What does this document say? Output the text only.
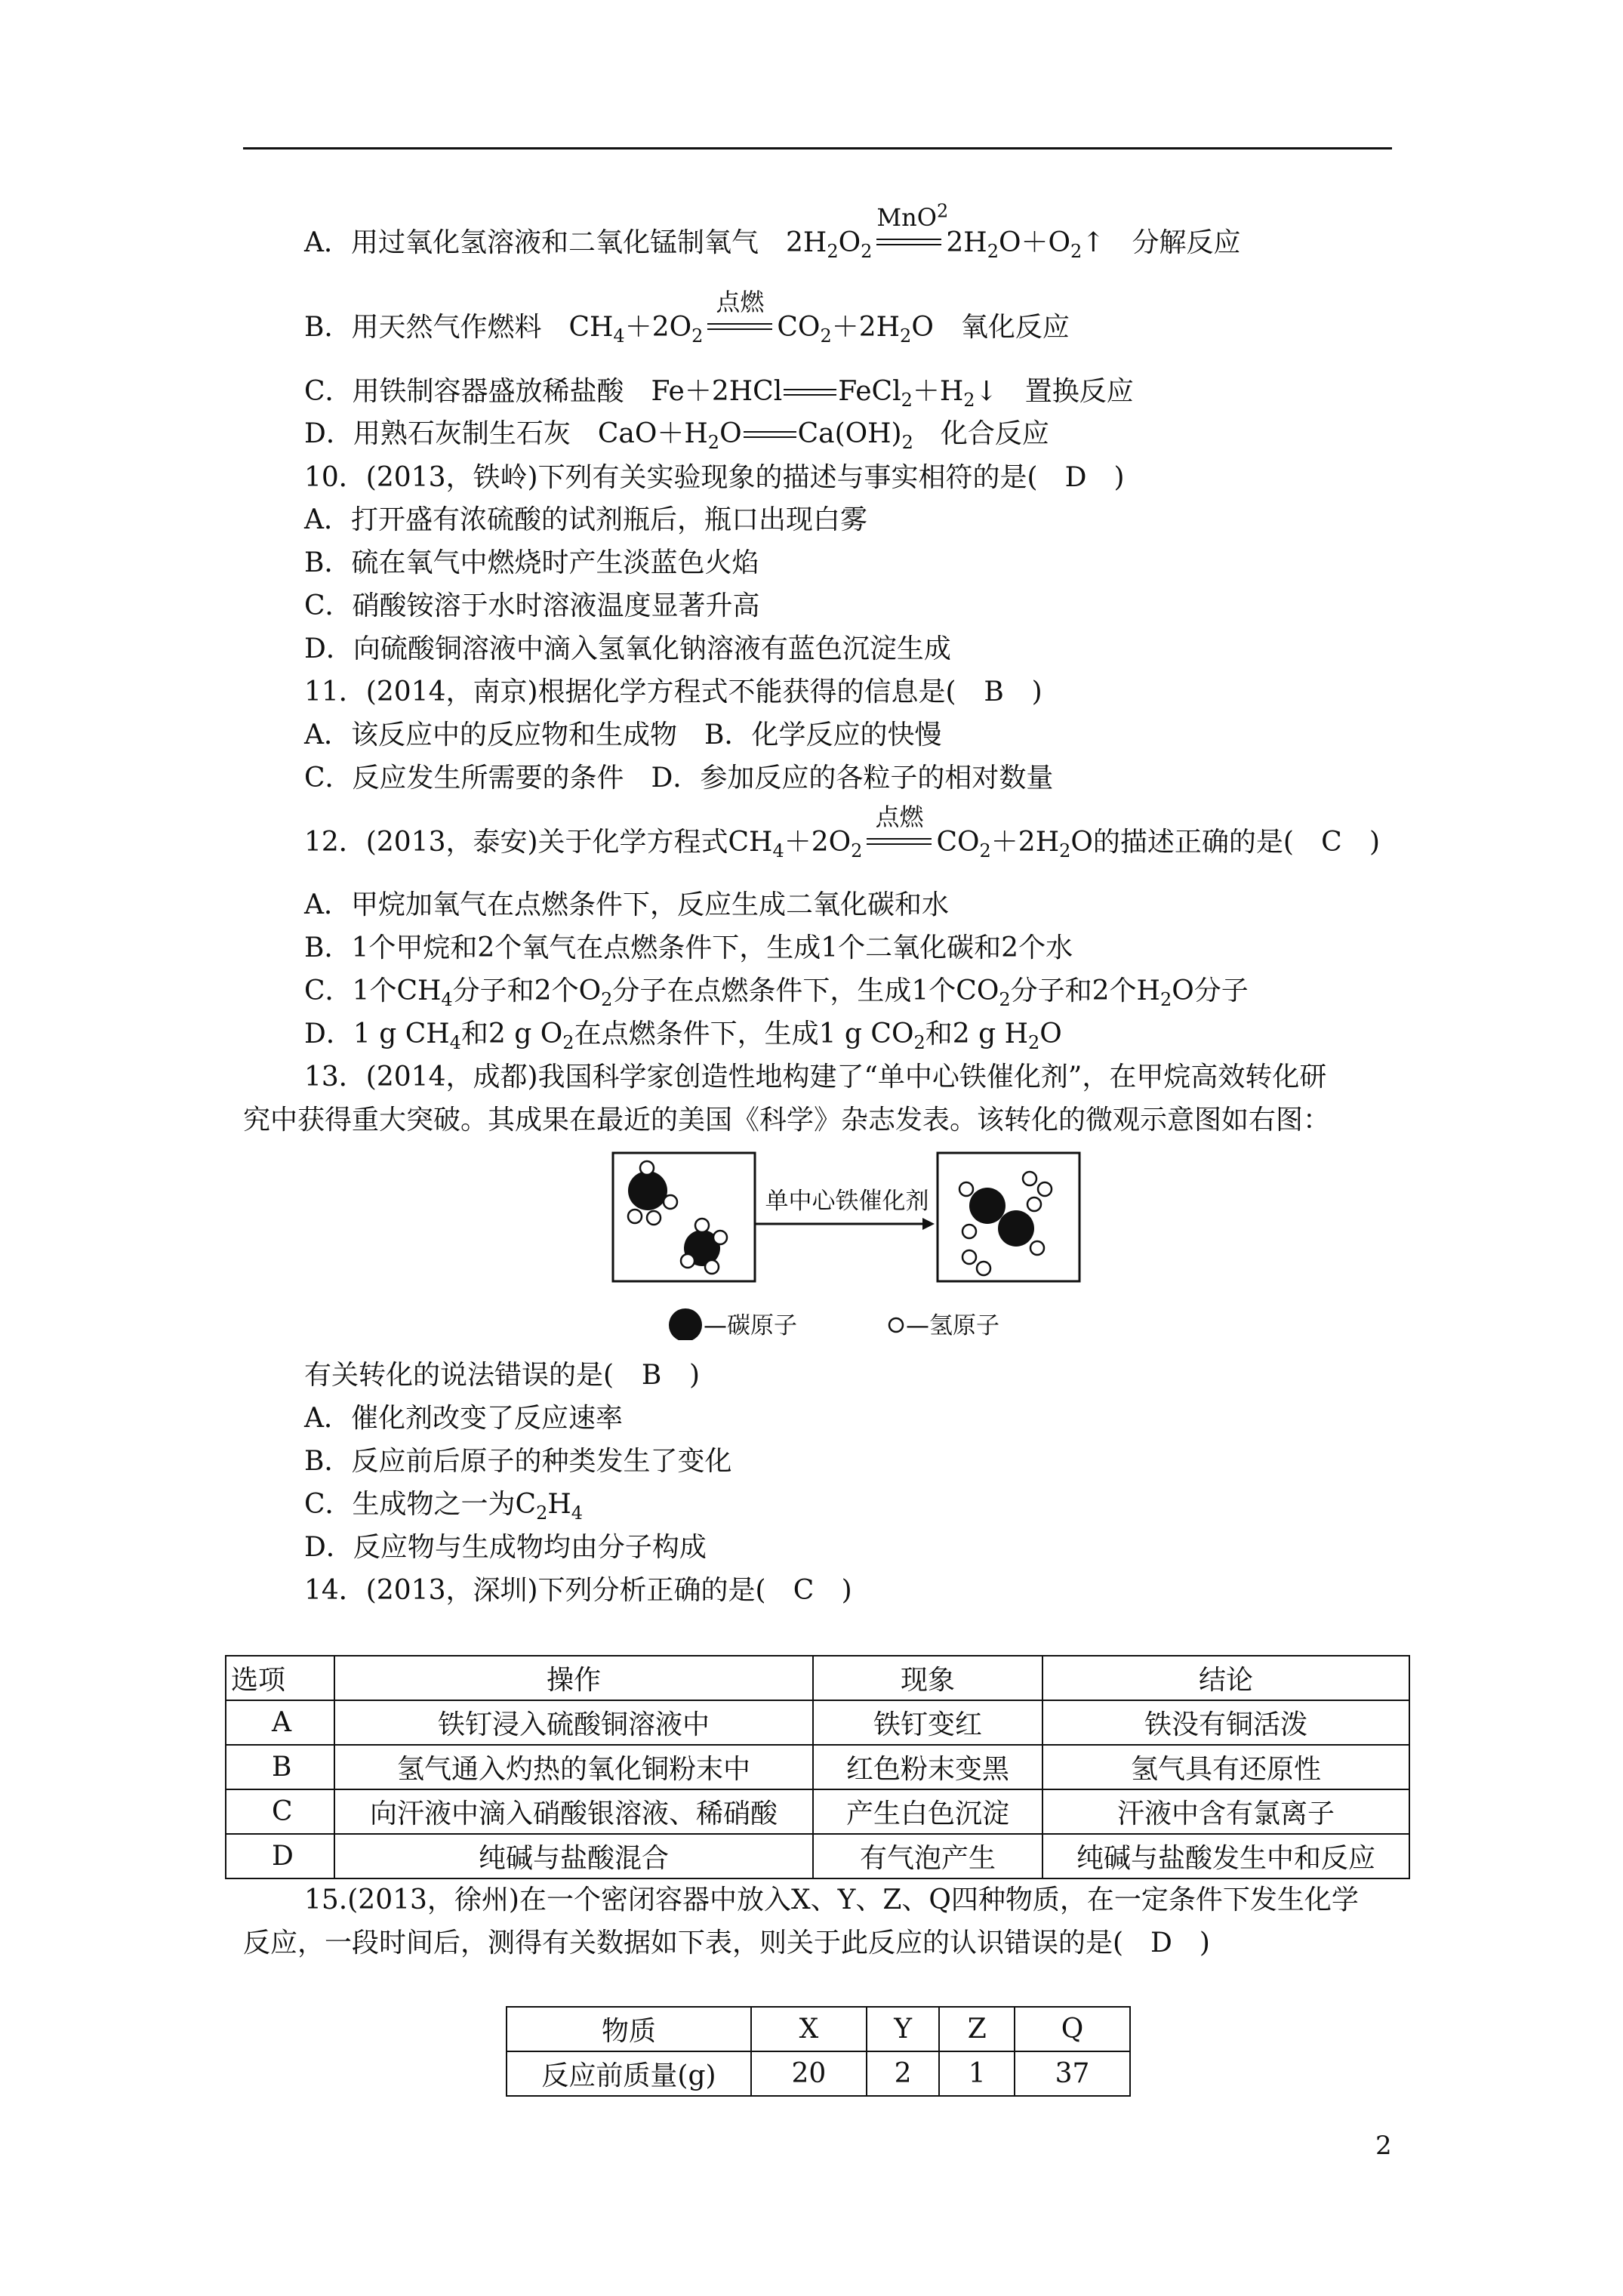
A．用过氧化氢溶液和二氧化锰制氧气　$2H_2O_2$
MnO$^2$
$2H_2O+O_2↑$　分解反应
B．用天然气作燃料　$CH_4+2O_2$
点燃
$CO_2+2H_2O$　氧化反应
C．用铁制容器盛放稀盐酸　Fe＋2HCl $FeCl_2+H_2↓$　置换反应
D．用熟石灰制生石灰　$CaO+H_2O$ $Ca(OH)_2$　化合反应
10．(2013，铁岭)下列有关实验现象的描述与事实相符的是(　D　)
A．打开盛有浓硫酸的试剂瓶后，瓶口出现白雾
B．硫在氧气中燃烧时产生淡蓝色火焰
C．硝酸铵溶于水时溶液温度显著升高
D．向硫酸铜溶液中滴入氢氧化钠溶液有蓝色沉淀生成
11．(2014，南京)根据化学方程式不能获得的信息是(　B　)
A．该反应中的反应物和生成物　B．化学反应的快慢
C．反应发生所需要的条件　D．参加反应的各粒子的相对数量
12．(2013，泰安)关于化学方程式$CH_4+2O_2$
点燃
$CO_2+2H_2O$的描述正确的是(　C　)
A．甲烷加氧气在点燃条件下，反应生成二氧化碳和水
B．1个甲烷和2个氧气在点燃条件下，生成1个二氧化碳和2个水
C．1个$CH_4$分子和2个$O_2$分子在点燃条件下，生成1个$CO_2$分子和2个$H_2O$分子
D．1 g $CH_4$和2 g $O_2$在点燃条件下，生成1 g $CO_2$和2 g $H_2O$
13．(2014，成都)我国科学家创造性地构建了“单中心铁催化剂”，在甲烷高效转化研
究中获得重大突破。其成果在最近的美国《科学》杂志发表。该转化的微观示意图如右图：
单中心铁催化剂
—碳原子	—氢原子
有关转化的说法错误的是(　B　)
A．催化剂改变了反应速率
B．反应前后原子的种类发生了变化
C．生成物之一为$C_2H_4$
D．反应物与生成物均由分子构成
14．(2013，深圳)下列分析正确的是(　C　)
选项	操作	现象	结论
A	铁钉浸入硫酸铜溶液中	铁钉变红	铁没有铜活泼
B	氢气通入灼热的氧化铜粉末中	红色粉末变黑	氢气具有还原性
C	向汗液中滴入硝酸银溶液、稀硝酸	产生白色沉淀	汗液中含有氯离子
D	纯碱与盐酸混合	有气泡产生	纯碱与盐酸发生中和反应
15.(2013，徐州)在一个密闭容器中放入X、Y、Z、Q四种物质，在一定条件下发生化学
反应，一段时间后，测得有关数据如下表，则关于此反应的认识错误的是(　D　)
物质	X	Y	Z	Q
反应前质量(g)	20	2	1	37
2
